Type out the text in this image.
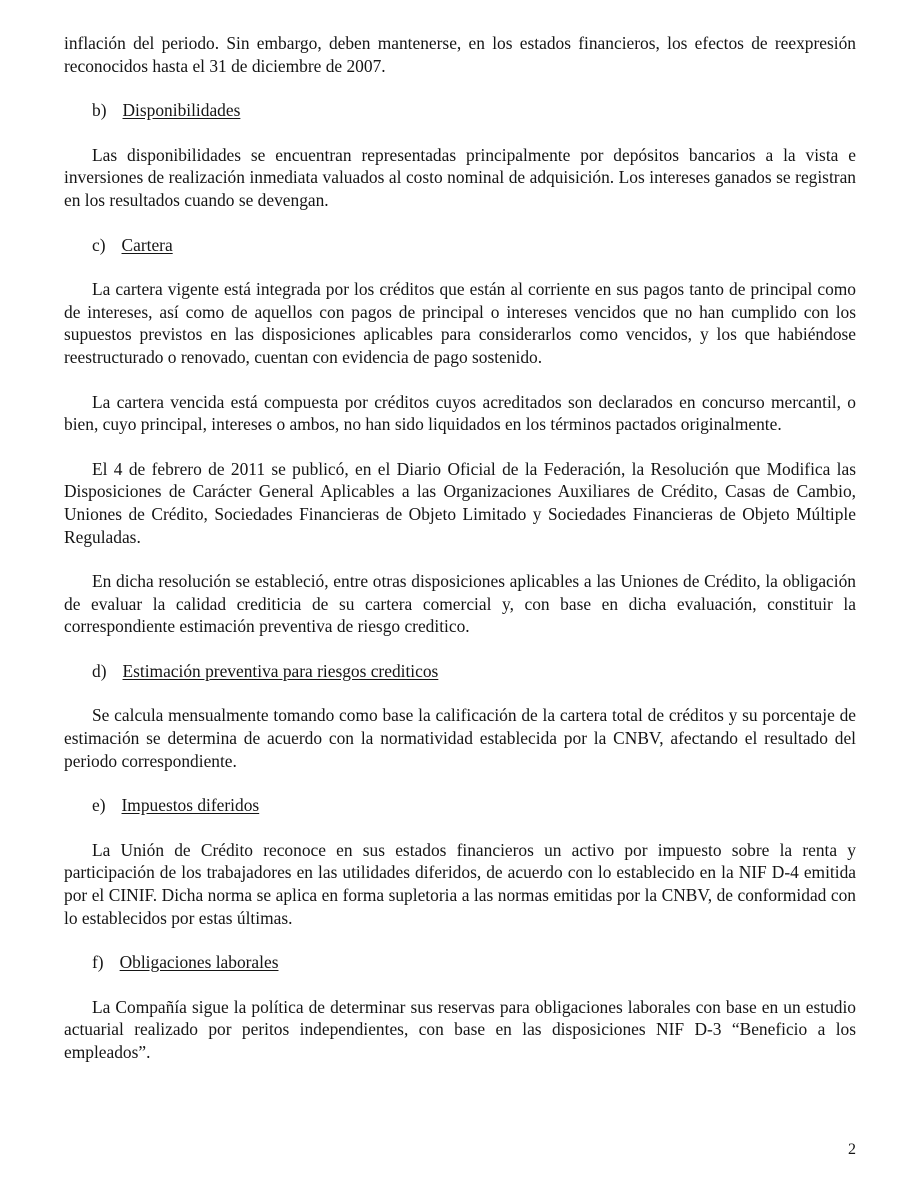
inflación del periodo. Sin embargo, deben mantenerse, en los estados financieros, los efectos de reexpresión reconocidos hasta el 31 de diciembre de 2007.

b) Disponibilidades

Las disponibilidades se encuentran representadas principalmente por depósitos bancarios a la vista e inversiones de realización inmediata valuados al costo nominal de adquisición. Los intereses ganados se registran en los resultados cuando se devengan.

c) Cartera

La cartera vigente está integrada por los créditos que están al corriente en sus pagos tanto de principal como de intereses, así como de aquellos con pagos de principal o intereses vencidos que no han cumplido con los supuestos previstos en las disposiciones aplicables para considerarlos como vencidos, y los que habiéndose reestructurado o renovado, cuentan con evidencia de pago sostenido.

La cartera vencida está compuesta por créditos cuyos acreditados son declarados en concurso mercantil, o bien, cuyo principal, intereses o ambos, no han sido liquidados en los términos pactados originalmente.

El 4 de febrero de 2011 se publicó, en el Diario Oficial de la Federación, la Resolución que Modifica las Disposiciones de Carácter General Aplicables a las Organizaciones Auxiliares de Crédito, Casas de Cambio, Uniones de Crédito, Sociedades Financieras de Objeto Limitado y Sociedades Financieras de Objeto Múltiple Reguladas.

En dicha resolución se estableció, entre otras disposiciones aplicables a las Uniones de Crédito, la obligación de evaluar la calidad crediticia de su cartera comercial y, con base en dicha evaluación, constituir la correspondiente estimación preventiva de riesgo creditico.

d) Estimación preventiva para riesgos crediticos

Se calcula mensualmente tomando como base la calificación de la cartera total de créditos y su porcentaje de estimación se determina de acuerdo con la normatividad establecida por la CNBV, afectando el resultado del periodo correspondiente.

e) Impuestos diferidos

La Unión de Crédito reconoce en sus estados financieros un activo por impuesto sobre la renta y participación de los trabajadores en las utilidades diferidos, de acuerdo con lo establecido en la NIF D-4 emitida por el CINIF. Dicha norma se aplica en forma supletoria a las normas emitidas por la CNBV, de conformidad con lo establecidos por estas últimas.

f) Obligaciones laborales

La Compañía sigue la política de determinar sus reservas para obligaciones laborales con base en un estudio actuarial realizado por peritos independientes, con base en las disposiciones NIF D-3 “Beneficio a los empleados”.

2
